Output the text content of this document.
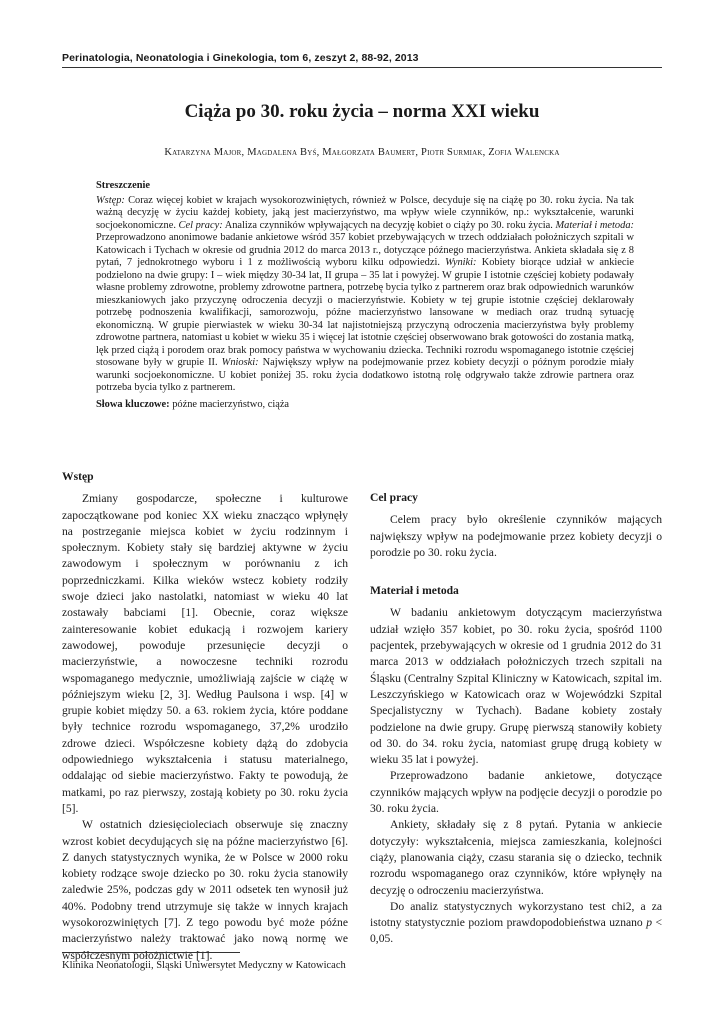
Perinatologia, Neonatologia i Ginekologia, tom 6, zeszyt 2, 88-92, 2013
Ciąża po 30. roku życia – norma XXI wieku
Katarzyna Major, Magdalena Byś, Małgorzata Baumert, Piotr Surmiak, Zofia Walencka
Streszczenie

Wstęp: Coraz więcej kobiet w krajach wysokorozwiniętych, również w Polsce, decyduje się na ciążę po 30. roku życia. Na tak ważną decyzję w życiu każdej kobiety, jaką jest macierzyństwo, ma wpływ wiele czynników, np.: wykształcenie, warunki socjoekonomiczne. Cel pracy: Analiza czynników wpływających na decyzję kobiet o ciąży po 30. roku życia. Materiał i metoda: Przeprowadzono anonimowe badanie ankietowe wśród 357 kobiet przebywających w trzech oddziałach położniczych szpitali w Katowicach i Tychach w okresie od grudnia 2012 do marca 2013 r., dotyczące późnego macierzyństwa. Ankieta składała się z 8 pytań, 7 jednokrotnego wyboru i 1 z możliwością wyboru kilku odpowiedzi. Wyniki: Kobiety biorące udział w ankiecie podzielono na dwie grupy: I – wiek między 30-34 lat, II grupa – 35 lat i powyżej. W grupie I istotnie częściej kobiety podawały własne problemy zdrowotne, problemy zdrowotne partnera, potrzebę bycia tylko z partnerem oraz brak odpowiednich warunków mieszkaniowych jako przyczynę odroczenia decyzji o macierzyństwie. Kobiety w tej grupie istotnie częściej deklarowały potrzebę podnoszenia kwalifikacji, samorozwoju, późne macierzyństwo lansowane w mediach oraz trudną sytuację ekonomiczną. W grupie pierwiastek w wieku 30-34 lat najistotniejszą przyczyną odroczenia macierzyństwa były problemy zdrowotne partnera, natomiast u kobiet w wieku 35 i więcej lat istotnie częściej obserwowano brak gotowości do zostania matką, lęk przed ciążą i porodem oraz brak pomocy państwa w wychowaniu dziecka. Techniki rozrodu wspomaganego istotnie częściej stosowane były w grupie II. Wnioski: Największy wpływ na podejmowanie przez kobiety decyzji o późnym porodzie miały warunki socjoekonomiczne. U kobiet poniżej 35. roku życia dodatkowo istotną rolę odgrywało także zdrowie partnera oraz potrzeba bycia tylko z partnerem.

Słowa kluczowe: późne macierzyństwo, ciąża

Wstęp

Zmiany gospodarcze, społeczne i kulturowe zapoczątkowane pod koniec XX wieku znacząco wpłynęły na postrzeganie miejsca kobiet w życiu rodzinnym i społecznym. Kobiety stały się bardziej aktywne w życiu zawodowym i społecznym w porównaniu z ich poprzedniczkami. Kilka wieków wstecz kobiety rodziły swoje dzieci jako nastolatki, natomiast w wieku 40 lat zostawały babciami [1]. Obecnie, coraz większe zainteresowanie kobiet edukacją i rozwojem kariery zawodowej, powoduje przesunięcie decyzji o macierzyństwie, a nowoczesne techniki rozrodu wspomaganego medycznie, umożliwiają zajście w ciążę w późniejszym wieku [2, 3]. Według Paulsona i wsp. [4] w grupie kobiet między 50. a 63. rokiem życia, które poddane były technice rozrodu wspomaganego, 37,2% urodziło zdrowe dzieci. Współczesne kobiety dążą do zdobycia odpowiedniego wykształcenia i statusu materialnego, oddalając od siebie macierzyństwo. Fakty te powodują, że matkami, po raz pierwszy, zostają kobiety po 30. roku życia [5].

W ostatnich dziesięcioleciach obserwuje się znaczny wzrost kobiet decydujących się na późne macierzyństwo [6]. Z danych statystycznych wynika, że w Polsce w 2000 roku kobiety rodzące swoje dziecko po 30. roku życia stanowiły zaledwie 25%, podczas gdy w 2011 odsetek ten wynosił już 40%. Podobny trend utrzymuje się także w innych krajach wysokorozwiniętych [7]. Z tego powodu być może późne macierzyństwo należy traktować jako nową normę we współczesnym położnictwie [1].

Cel pracy

Celem pracy było określenie czynników mających największy wpływ na podejmowanie przez kobiety decyzji o porodzie po 30. roku życia.

Materiał i metoda

W badaniu ankietowym dotyczącym macierzyństwa udział wzięło 357 kobiet, po 30. roku życia, spośród 1100 pacjentek, przebywających w okresie od 1 grudnia 2012 do 31 marca 2013 w oddziałach położniczych trzech szpitali na Śląsku (Centralny Szpital Kliniczny w Katowicach, szpital im. Leszczyńskiego w Katowicach oraz w Wojewódzki Szpital Specjalistyczny w Tychach). Badane kobiety zostały podzielone na dwie grupy. Grupę pierwszą stanowiły kobiety od 30. do 34. roku życia, natomiast grupę drugą kobiety w wieku 35 lat i powyżej.

Przeprowadzono badanie ankietowe, dotyczące czynników mających wpływ na podjęcie decyzji o porodzie po 30. roku życia.

Ankiety, składały się z 8 pytań. Pytania w ankiecie dotyczyły: wykształcenia, miejsca zamieszkania, kolejności ciąży, planowania ciąży, czasu starania się o dziecko, technik rozrodu wspomaganego oraz czynników, które wpłynęły na decyzję o odroczeniu macierzyństwa.

Do analiz statystycznych wykorzystano test chi2, a za istotny statystycznie poziom prawdopodobieństwa uznano p < 0,05.

Klinika Neonatologii, Śląski Uniwersytet Medyczny w Katowicach
